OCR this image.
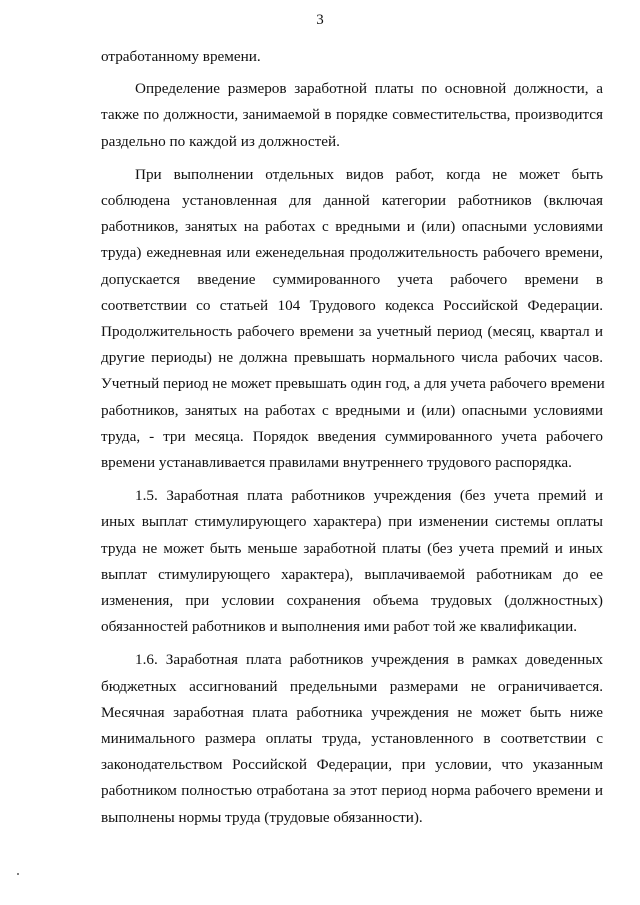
3
отработанному времени.
Определение размеров заработной платы по основной должности, а
также по должности, занимаемой в порядке совместительства, производится
раздельно по каждой из должностей.
При выполнении отдельных видов работ, когда не может быть
соблюдена установленная для данной категории работников (включая
работников, занятых на работах с вредными и (или) опасными условиями
труда) ежедневная или еженедельная продолжительность рабочего времени,
допускается введение суммированного учета рабочего времени в
соответствии со статьей 104 Трудового кодекса Российской Федерации.
Продолжительность рабочего времени за учетный период (месяц, квартал и
другие периоды) не должна превышать нормального числа рабочих часов.
Учетный период не может превышать один год, а для учета рабочего времени
работников, занятых на работах с вредными и (или) опасными условиями
труда, - три месяца. Порядок введения суммированного учета рабочего
времени устанавливается правилами внутреннего трудового распорядка.
1.5. Заработная плата работников учреждения (без учета премий и
иных выплат стимулирующего характера) при изменении системы оплаты
труда не может быть меньше заработной платы (без учета премий и иных
выплат стимулирующего характера), выплачиваемой работникам до ее
изменения, при условии сохранения объема трудовых (должностных)
обязанностей работников и выполнения ими работ той же квалификации.
1.6. Заработная плата работников учреждения в рамках доведенных
бюджетных ассигнований предельными размерами не ограничивается.
Месячная заработная плата работника учреждения не может быть ниже
минимального размера оплаты труда, установленного в соответствии с
законодательством Российской Федерации, при условии, что указанным
работником полностью отработана за этот период норма рабочего времени и
выполнены нормы труда (трудовые обязанности).
